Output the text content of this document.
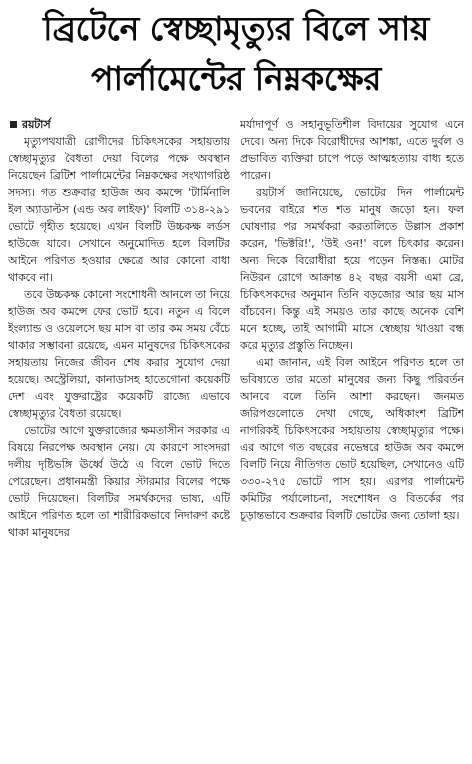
ব্রিটেনে স্বেচ্ছামৃত্যুর বিলে সায়
পার্লামেন্টের নিম্নকক্ষের
রয়টার্স

মৃত্যুপথযাত্রী রোগীদের চিকিৎসকের সহায়তায় স্বেচ্ছামৃত্যুর বৈধতা দেয়া বিলের পক্ষে অবস্থান নিয়েছেন ব্রিটিশ পার্লামেন্টের নিম্নকক্ষের সংখ্যাগরিষ্ঠ সদস্য। গত শুক্রবার হাউজ অব কমন্সে 'টার্মিনালি ইল অ্যাডাল্টস (এন্ড অব লাইফ)' বিলটি ৩১৪-২৯১ ভোটে গৃহীত হয়েছে। এখন বিলটি উচ্চকক্ষ লর্ডস হাউজে যাবে। সেখানে অনুমোদিত হলে বিলটির আইনে পরিণত হওয়ার ক্ষেত্রে আর কোনো বাধা থাকবে না।

তবে উচ্চকক্ষ কোনো সংশোধনী আনলে তা নিয়ে হাউজ অব কমন্সে ফের ভোট হবে। নতুন এ বিলে ইংল্যান্ড ও ওয়েলসে ছয় মাস বা তার কম সময় বেঁচে থাকার সম্ভাবনা রয়েছে, এমন মানুষদের চিকিৎসকের সহায়তায় নিজের জীবন শেষ করার সুযোগ দেয়া হয়েছে। অস্ট্রেলিয়া, কানাডাসহ হাতেগোনা কয়েকটি দেশ এবং যুক্তরাষ্ট্রের কয়েকটি রাজ্যে এভাবে স্বেচ্ছামৃত্যুর বৈধতা রয়েছে।

ভোটের আগে যুক্তরাজ্যের ক্ষমতাসীন সরকার এ বিষয়ে নিরপেক্ষ অবস্থান নেয়। যে কারণে সাংসদরা দলীয় দৃষ্টিভঙ্গি ঊর্ধ্বে উঠে এ বিলে ভোট দিতে পেরেছেন। প্রধানমন্ত্রী কিয়ার স্টারমার বিলের পক্ষে ভোট দিয়েছেন। বিলটির সমর্থকদের ভাষ্য, এটি আইনে পরিণত হলে তা শারীরিকভাবে নিদারুণ কষ্টে থাকা মানুষদের

মর্যাদাপূর্ণ ও সহানুভূতিশীল বিদায়ের সুযোগ এনে দেবে। অন্য দিকে বিরোধীদের আশঙ্কা, এতে দুর্বল ও প্রভাবিত ব্যক্তিরা চাপে পড়ে আত্মহত্যায় বাধ্য হতে পারেন।

রয়টার্স জানিয়েছে, ভোটের দিন পার্লামেন্ট ভবনের বাইরে শত শত মানুষ জড়ো হন। ফল ঘোষণার পর সমর্থকরা করতালিতে উল্লাস প্রকাশ করেন, 'ভিক্টরি!', 'উই ওন!' বলে চিৎকার করেন। অন্য দিকে বিরোধীরা হয়ে পড়েন নিস্তব্ধ। মোটর নিউরন রোগে আক্রান্ত ৪২ বছর বয়সী এমা ব্রে, চিকিৎসকদের অনুমান তিনি বড়জোর আর ছয় মাস বাঁচবেন। কিন্তু এই সময়ও তার কাছে অনেক বেশি মনে হচ্ছে, তাই আগামী মাসে স্বেচ্ছায় খাওয়া বন্ধ করে মৃত্যুর প্রস্তুতি নিচ্ছেন।

এমা জানান, এই বিল আইনে পরিণত হলে তা ভবিষ্যতে তার মতো মানুষের জন্য কিছু পরিবর্তন আনবে বলে তিনি আশা করছেন। জনমত জরিপগুলোতে দেখা গেছে, অধিকাংশ ব্রিটিশ নাগরিকই চিকিৎসকের সহায়তায় স্বেচ্ছামৃত্যুর পক্ষে। এর আগে গত বছরের নভেম্বরে হাউজ অব কমন্সে বিলটি নিয়ে নীতিগত ভোট হয়েছিল, সেখানেও এটি ৩৩০-২৭৫ ভোটে পাস হয়। এরপর পার্লামেন্ট কমিটির পর্যালোচনা, সংশোধন ও বিতর্কের পর চূড়ান্তভাবে শুক্রবার বিলটি ভোটের জন্য তোলা হয়।
